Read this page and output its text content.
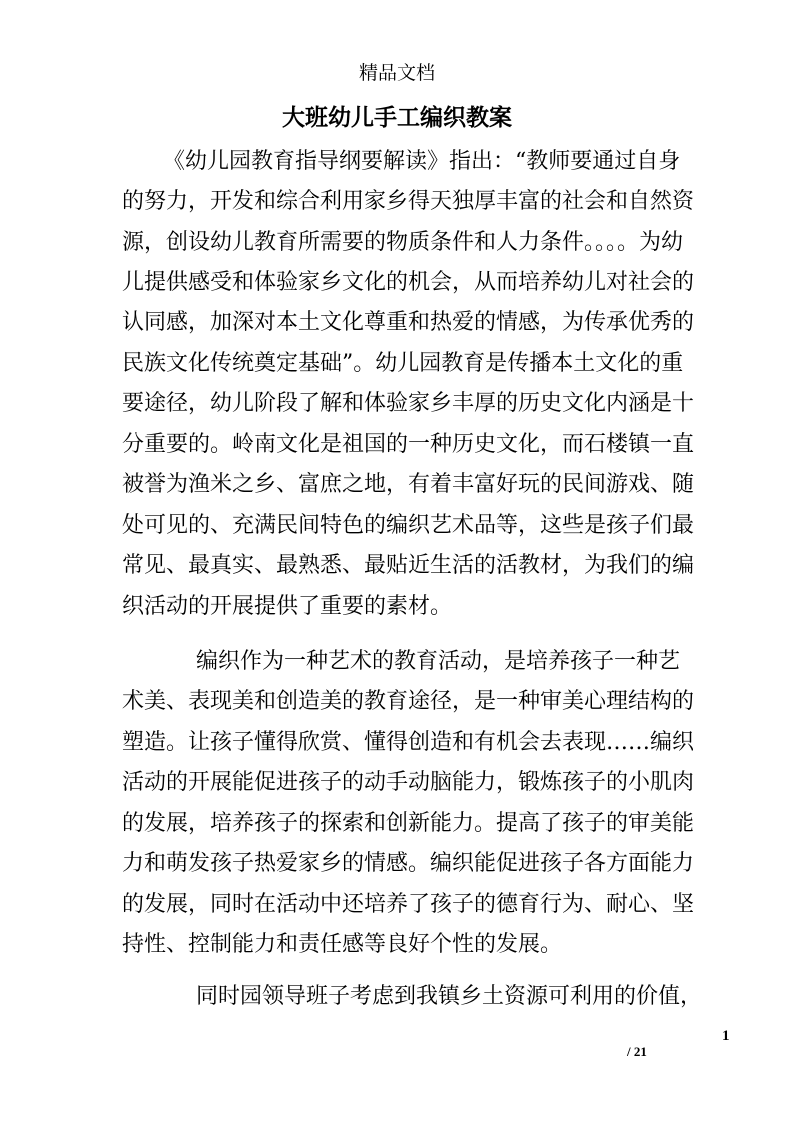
精品文档
大班幼儿手工编织教案
《幼儿园教育指导纲要解读》指出：“教师要通过自身
的努力，开发和综合利用家乡得天独厚丰富的社会和自然资
源，创设幼儿教育所需要的物质条件和人力条件。。。。为幼
儿提供感受和体验家乡文化的机会，从而培养幼儿对社会的
认同感，加深对本土文化尊重和热爱的情感，为传承优秀的
民族文化传统奠定基础”。幼儿园教育是传播本土文化的重
要途径，幼儿阶段了解和体验家乡丰厚的历史文化内涵是十
分重要的。岭南文化是祖国的一种历史文化，而石楼镇一直
被誉为渔米之乡、富庶之地，有着丰富好玩的民间游戏、随
处可见的、充满民间特色的编织艺术品等，这些是孩子们最
常见、最真实、最熟悉、最贴近生活的活教材，为我们的编
织活动的开展提供了重要的素材。
编织作为一种艺术的教育活动，是培养孩子一种艺
术美、表现美和创造美的教育途径，是一种审美心理结构的
塑造。让孩子懂得欣赏、懂得创造和有机会去表现……编织
活动的开展能促进孩子的动手动脑能力，锻炼孩子的小肌肉
的发展，培养孩子的探索和创新能力。提高了孩子的审美能
力和萌发孩子热爱家乡的情感。编织能促进孩子各方面能力
的发展，同时在活动中还培养了孩子的德育行为、耐心、坚
持性、控制能力和责任感等良好个性的发展。
同时园领导班子考虑到我镇乡土资源可利用的价值，
1
/ 21
